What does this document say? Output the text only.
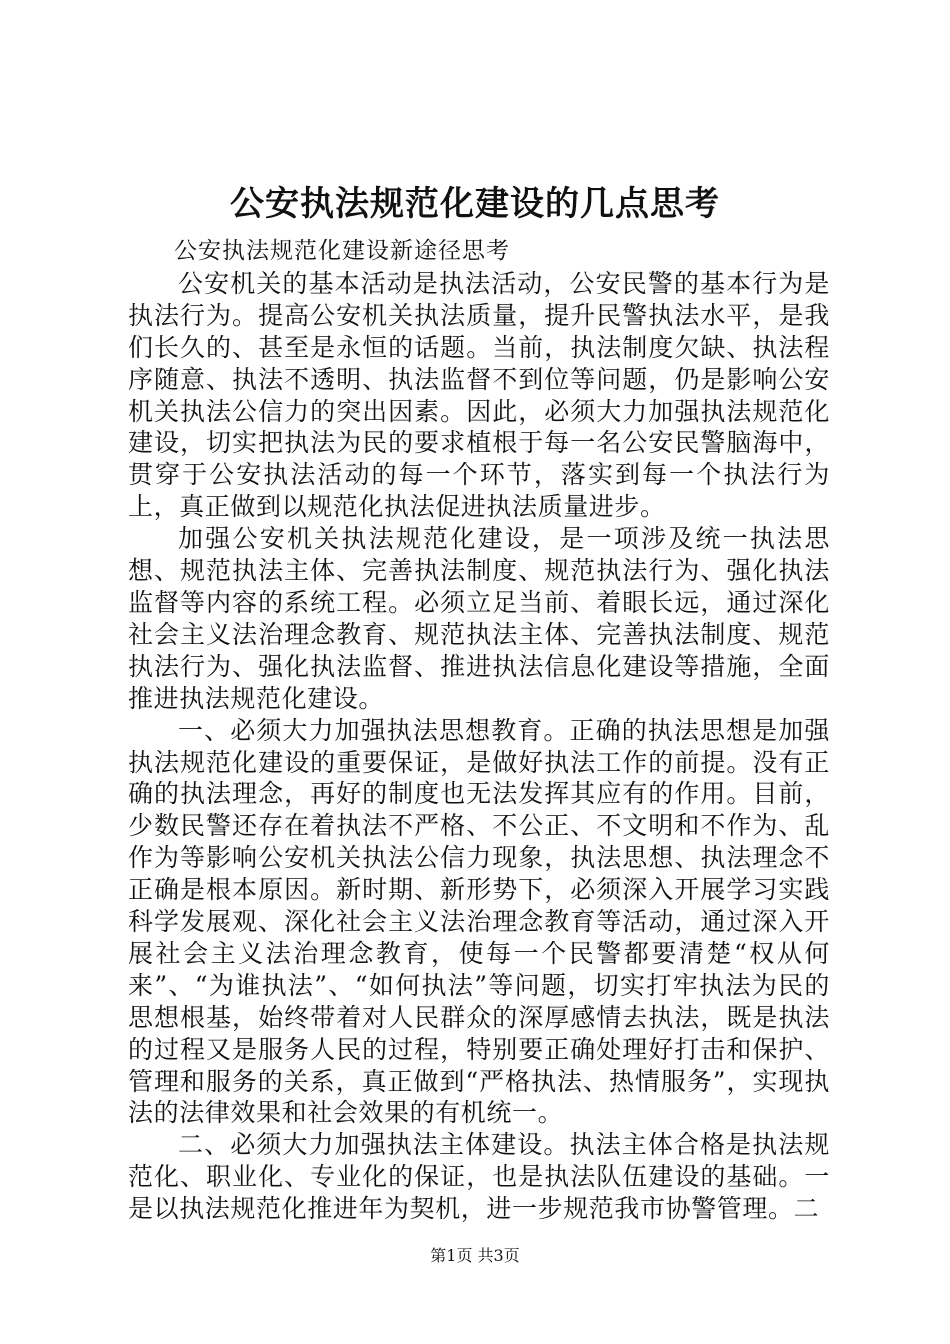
公安执法规范化建设的几点思考

公安执法规范化建设新途径思考

公安机关的基本活动是执法活动，公安民警的基本行为是执法行为。提高公安机关执法质量，提升民警执法水平，是我们长久的、甚至是永恒的话题。当前，执法制度欠缺、执法程序随意、执法不透明、执法监督不到位等问题，仍是影响公安机关执法公信力的突出因素。因此，必须大力加强执法规范化建设，切实把执法为民的要求植根于每一名公安民警脑海中，贯穿于公安执法活动的每一个环节，落实到每一个执法行为上，真正做到以规范化执法促进执法质量进步。

加强公安机关执法规范化建设，是一项涉及统一执法思想、规范执法主体、完善执法制度、规范执法行为、强化执法监督等内容的系统工程。必须立足当前、着眼长远，通过深化社会主义法治理念教育、规范执法主体、完善执法制度、规范执法行为、强化执法监督、推进执法信息化建设等措施，全面推进执法规范化建设。

一、必须大力加强执法思想教育。正确的执法思想是加强执法规范化建设的重要保证，是做好执法工作的前提。没有正确的执法理念，再好的制度也无法发挥其应有的作用。目前，少数民警还存在着执法不严格、不公正、不文明和不作为、乱作为等影响公安机关执法公信力现象，执法思想、执法理念不正确是根本原因。新时期、新形势下，必须深入开展学习实践科学发展观、深化社会主义法治理念教育等活动，通过深入开展社会主义法治理念教育，使每一个民警都要清楚“权从何来”、“为谁执法”、“如何执法”等问题，切实打牢执法为民的思想根基，始终带着对人民群众的深厚感情去执法，既是执法的过程又是服务人民的过程，特别要正确处理好打击和保护、管理和服务的关系，真正做到“严格执法、热情服务”，实现执法的法律效果和社会效果的有机统一。

二、必须大力加强执法主体建设。执法主体合格是执法规范化、职业化、专业化的保证，也是执法队伍建设的基础。一是以执法规范化推进年为契机，进一步规范我市协警管理。二

第1页 共3页
